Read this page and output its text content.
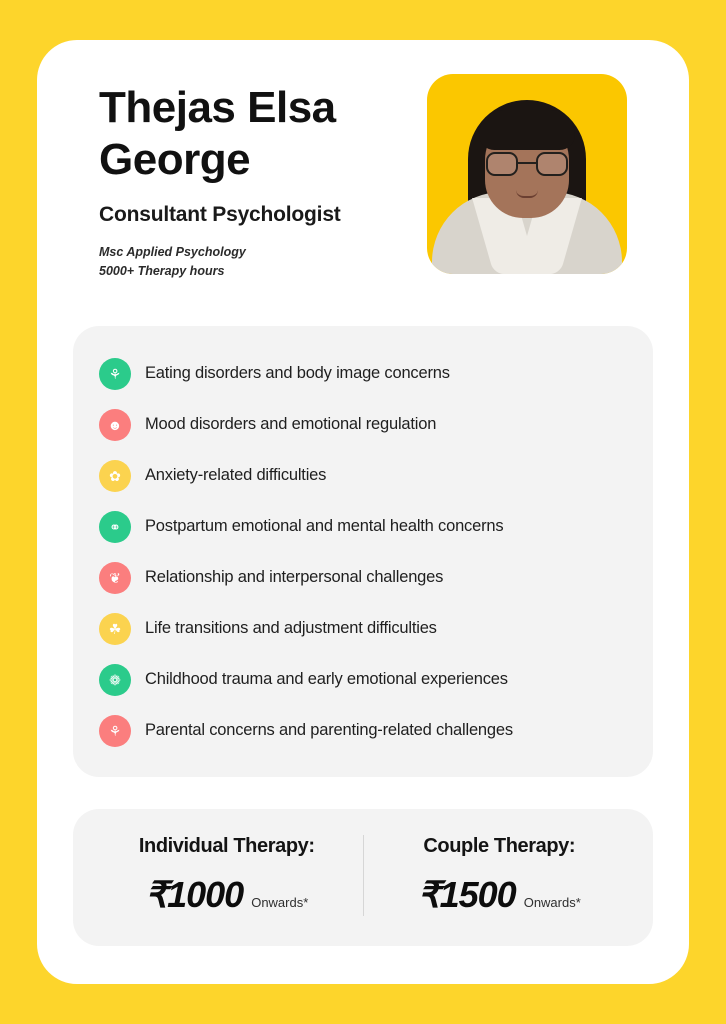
Thejas Elsa George
Consultant Psychologist
Msc Applied Psychology
5000+ Therapy hours
⚘	Eating disorders and body image concerns
☻	Mood disorders and emotional regulation
✿	Anxiety-related difficulties
⚭	Postpartum emotional and mental health concerns
❦	Relationship and interpersonal challenges
☘	Life transitions and adjustment difficulties
❁	Childhood trauma and early emotional experiences
⚘	Parental concerns and parenting-related challenges
Individual Therapy:
₹1000 Onwards*
Couple Therapy:
₹1500 Onwards*
